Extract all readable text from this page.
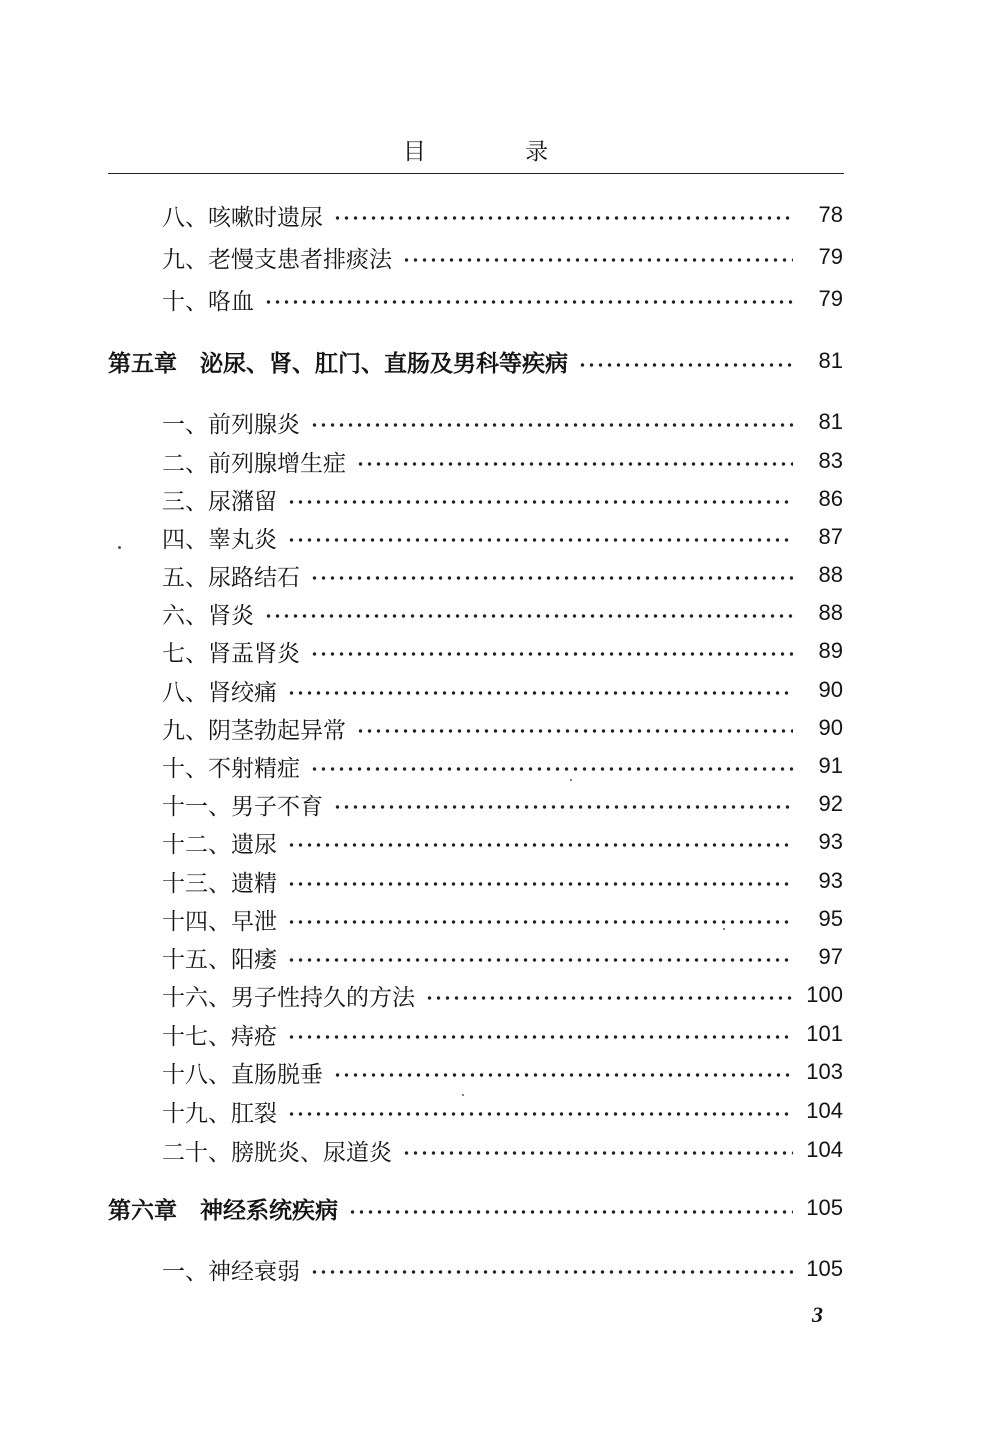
目 录
八、咳嗽时遗尿	78
九、老慢支患者排痰法	79
十、咯血	79
第五章　泌尿、肾、肛门、直肠及男科等疾病	81
一、前列腺炎	81
二、前列腺增生症	83
三、尿潴留	86
四、睾丸炎	87
五、尿路结石	88
六、肾炎	88
七、肾盂肾炎	89
八、肾绞痛	90
九、阴茎勃起异常	90
十、不射精症	91
十一、男子不育	92
十二、遗尿	93
十三、遗精	93
十四、早泄	95
十五、阳痿	97
十六、男子性持久的方法	100
十七、痔疮	101
十八、直肠脱垂	103
十九、肛裂	104
二十、膀胱炎、尿道炎	104
第六章　神经系统疾病	105
一、神经衰弱	105
3
